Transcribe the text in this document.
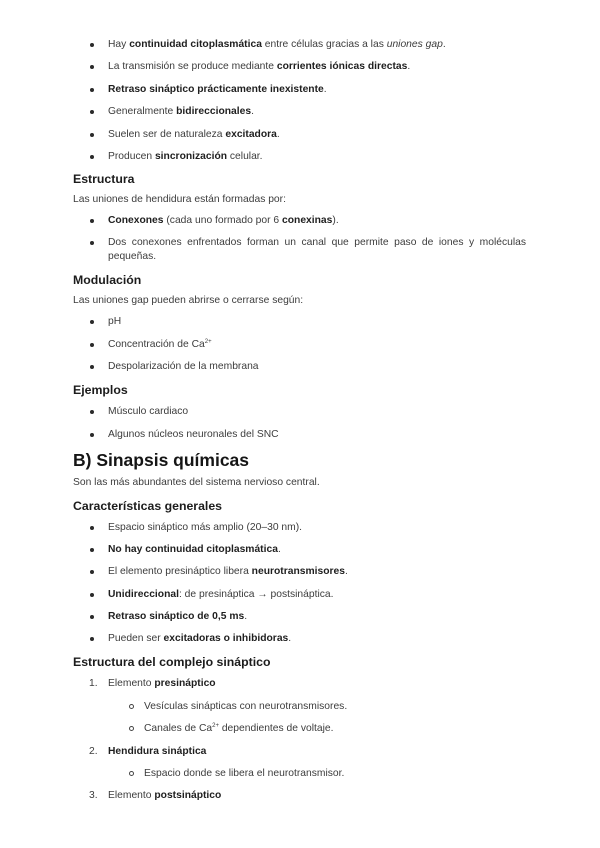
Hay continuidad citoplasmática entre células gracias a las uniones gap.
La transmisión se produce mediante corrientes iónicas directas.
Retraso sináptico prácticamente inexistente.
Generalmente bidireccionales.
Suelen ser de naturaleza excitadora.
Producen sincronización celular.
Estructura

Las uniones de hendidura están formadas por:

Conexones (cada uno formado por 6 conexinas).
Dos conexones enfrentados forman un canal que permite paso de iones y moléculas pequeñas.
Modulación

Las uniones gap pueden abrirse o cerrarse según:

pH
Concentración de $Ca^{2+}$
Despolarización de la membrana
Ejemplos
Músculo cardiaco
Algunos núcleos neuronales del SNC
B) Sinapsis químicas

Son las más abundantes del sistema nervioso central.

Características generales
Espacio sináptico más amplio (20–30 nm).
No hay continuidad citoplasmática.
El elemento presináptico libera neurotransmisores.
Unidireccional: de presináptica → postsináptica.
Retraso sináptico de 0,5 ms.
Pueden ser excitadoras o inhibidoras.
Estructura del complejo sináptico
1. Elemento presináptico
Vesículas sinápticas con neurotransmisores.
Canales de $Ca^{2+}$ dependientes de voltaje.
2. Hendidura sináptica
Espacio donde se libera el neurotransmisor.
3. Elemento postsináptico
